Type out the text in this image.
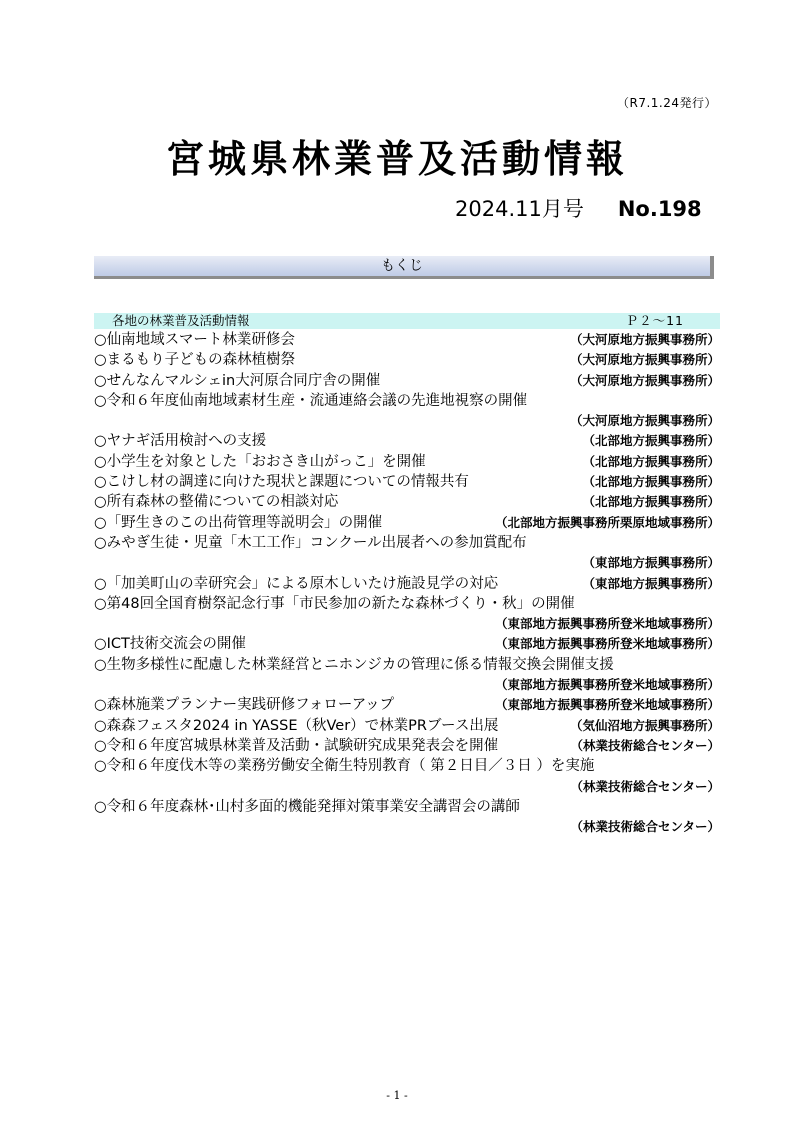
（R7.1.24発行）
宮城県林業普及活動情報
2024.11月号 No.198
もくじ
各地の林業普及活動情報	Ｐ２～11
○仙南地域スマート林業研修会	（大河原地方振興事務所）
○まるもり子どもの森林植樹祭	（大河原地方振興事務所）
○せんなんマルシェin大河原合同庁舎の開催	（大河原地方振興事務所）
○令和６年度仙南地域素材生産・流通連絡会議の先進地視察の開催
（大河原地方振興事務所）
○ヤナギ活用検討への支援	（北部地方振興事務所）
○小学生を対象とした「おおさき山がっこ」を開催	（北部地方振興事務所）
○こけし材の調達に向けた現状と課題についての情報共有	（北部地方振興事務所）
○所有森林の整備についての相談対応	（北部地方振興事務所）
○「野生きのこの出荷管理等説明会」の開催	（北部地方振興事務所栗原地域事務所）
○みやぎ生徒・児童「木工工作」コンクール出展者への参加賞配布
（東部地方振興事務所）
○「加美町山の幸研究会」による原木しいたけ施設見学の対応	（東部地方振興事務所）
○第48回全国育樹祭記念行事「市民参加の新たな森林づくり・秋」の開催
（東部地方振興事務所登米地域事務所）
○ICT技術交流会の開催	（東部地方振興事務所登米地域事務所）
○生物多様性に配慮した林業経営とニホンジカの管理に係る情報交換会開催支援
（東部地方振興事務所登米地域事務所）
○森林施業プランナー実践研修フォローアップ	（東部地方振興事務所登米地域事務所）
○森森フェスタ2024 in YASSE（秋Ver）で林業PRブース出展	（気仙沼地方振興事務所）
○令和６年度宮城県林業普及活動・試験研究成果発表会を開催	（林業技術総合センター）
○令和６年度伐木等の業務労働安全衛生特別教育（ 第２日目／３日 ）を実施
（林業技術総合センター）
○令和６年度森林･山村多面的機能発揮対策事業安全講習会の講師
（林業技術総合センター）
- 1 -
